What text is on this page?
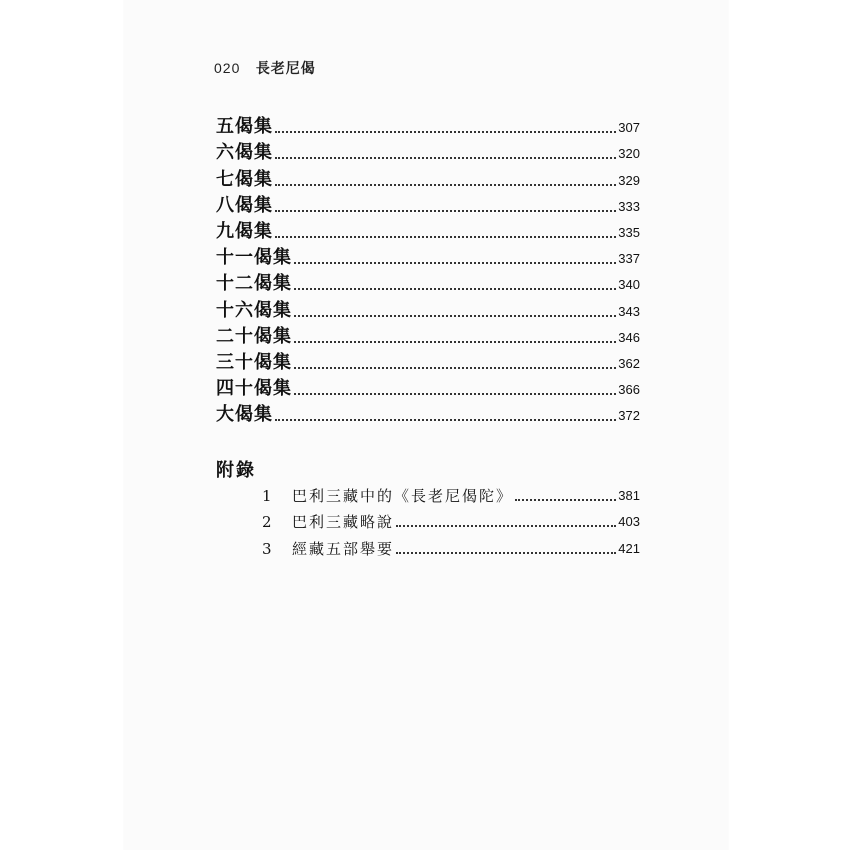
020 長老尼偈
五偈集	307
六偈集	320
七偈集	329
八偈集	333
九偈集	335
十一偈集	337
十二偈集	340
十六偈集	343
二十偈集	346
三十偈集	362
四十偈集	366
大偈集	372
附錄
1	巴利三藏中的《長老尼偈陀》	381
2	巴利三藏略說	403
3	經藏五部舉要	421
